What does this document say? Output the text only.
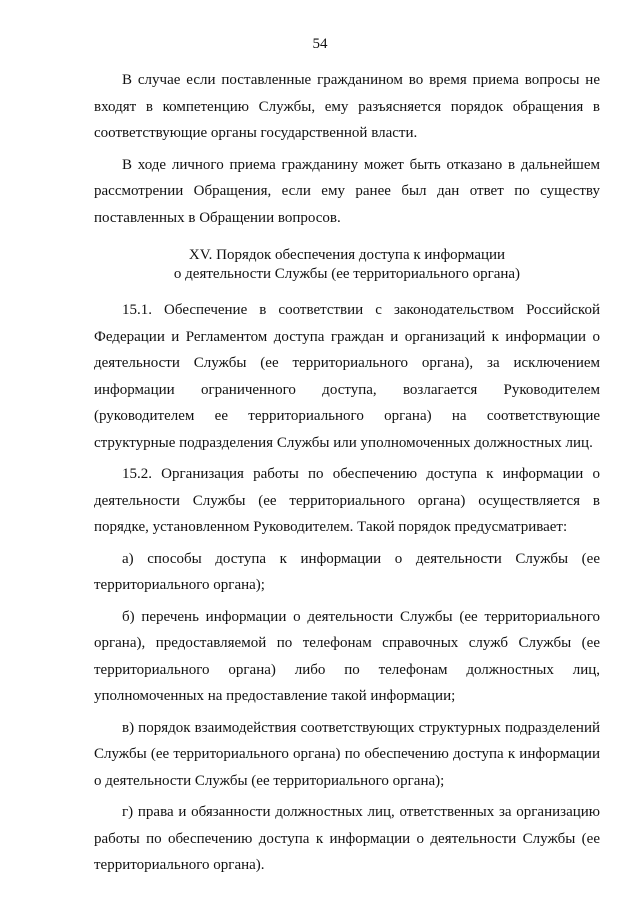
54

В случае если поставленные гражданином во время приема вопросы не входят в компетенцию Службы, ему разъясняется порядок обращения в соответствующие органы государственной власти.

В ходе личного приема гражданину может быть отказано в дальнейшем рассмотрении Обращения, если ему ранее был дан ответ по существу поставленных в Обращении вопросов.

XV. Порядок обеспечения доступа к информации
о деятельности Службы (ее территориального органа)

15.1. Обеспечение в соответствии с законодательством Российской Федерации и Регламентом доступа граждан и организаций к информации о деятельности Службы (ее территориального органа), за исключением информации ограниченного доступа, возлагается Руководителем (руководителем ее территориального органа) на соответствующие структурные подразделения Службы или уполномоченных должностных лиц.

15.2. Организация работы по обеспечению доступа к информации о деятельности Службы (ее территориального органа) осуществляется в порядке, установленном Руководителем. Такой порядок предусматривает:

а) способы доступа к информации о деятельности Службы (ее территориального органа);

б) перечень информации о деятельности Службы (ее территориального органа), предоставляемой по телефонам справочных служб Службы (ее территориального органа) либо по телефонам должностных лиц, уполномоченных на предоставление такой информации;

в) порядок взаимодействия соответствующих структурных подразделений Службы (ее территориального органа) по обеспечению доступа к информации о деятельности Службы (ее территориального органа);

г) права и обязанности должностных лиц, ответственных за организацию работы по обеспечению доступа к информации о деятельности Службы (ее территориального органа).
